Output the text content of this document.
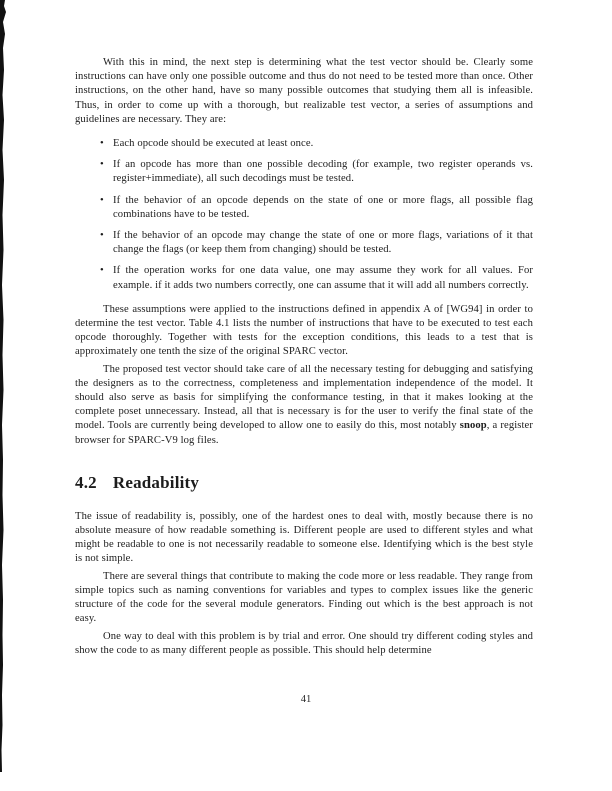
With this in mind, the next step is determining what the test vector should be. Clearly some instructions can have only one possible outcome and thus do not need to be tested more than once. Other instructions, on the other hand, have so many possible outcomes that studying them all is infeasible. Thus, in order to come up with a thorough, but realizable test vector, a series of assumptions and guidelines are necessary. They are:

• Each opcode should be executed at least once.
• If an opcode has more than one possible decoding (for example, two register operands vs. register+immediate), all such decodings must be tested.
• If the behavior of an opcode depends on the state of one or more flags, all possible flag combinations have to be tested.
• If the behavior of an opcode may change the state of one or more flags, variations of it that change the flags (or keep them from changing) should be tested.
• If the operation works for one data value, one may assume they work for all values. For example. if it adds two numbers correctly, one can assume that it will add all numbers correctly.

These assumptions were applied to the instructions defined in appendix A of [WG94] in order to determine the test vector. Table 4.1 lists the number of instructions that have to be executed to test each opcode thoroughly. Together with tests for the exception conditions, this leads to a test that is approximately one tenth the size of the original SPARC vector.

The proposed test vector should take care of all the necessary testing for debugging and satisfying the designers as to the correctness, completeness and implementation independence of the model. It should also serve as basis for simplifying the conformance testing, in that it makes looking at the complete poset unnecessary. Instead, all that is necessary is for the user to verify the final state of the model. Tools are currently being developed to allow one to easily do this, most notably snoop, a register browser for SPARC-V9 log files.

4.2 Readability

The issue of readability is, possibly, one of the hardest ones to deal with, mostly because there is no absolute measure of how readable something is. Different people are used to different styles and what might be readable to one is not necessarily readable to someone else. Identifying which is the best style is not simple.

There are several things that contribute to making the code more or less readable. They range from simple topics such as naming conventions for variables and types to complex issues like the generic structure of the code for the several module generators. Finding out which is the best approach is not easy.

One way to deal with this problem is by trial and error. One should try different coding styles and show the code to as many different people as possible. This should help determine

41
